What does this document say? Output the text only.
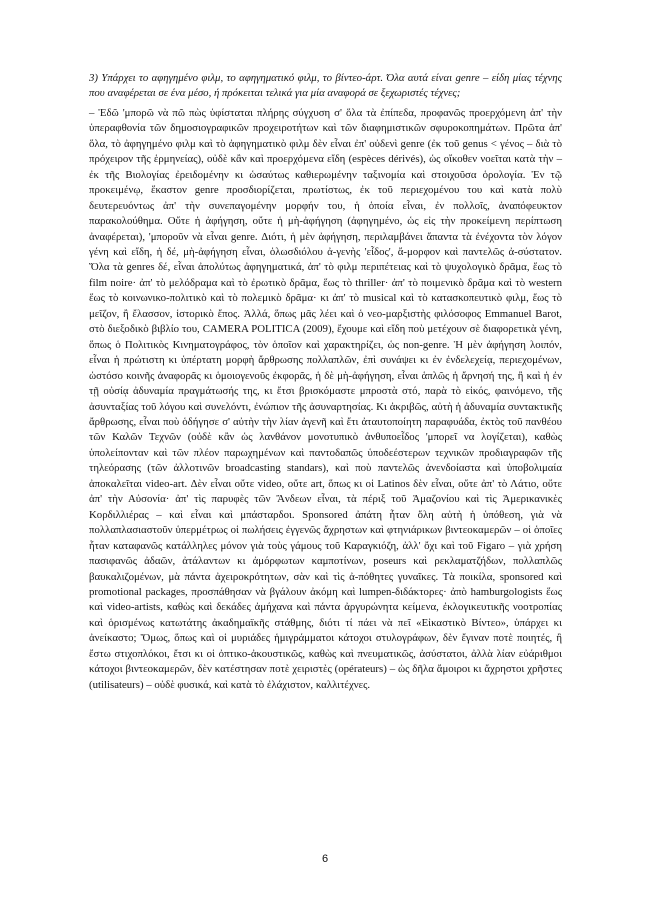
3) Υπάρχει το αφηγημένο φιλμ, το αφηγηματικό φιλμ, το βίντεο-άρτ. Όλα αυτά είναι genre – είδη μίας τέχνης που αναφέρεται σε ένα μέσο, ή πρόκειται τελικά για μία αναφορά σε ξεχωριστές τέχνες;

– Ἐδῶ 'μπορῶ νὰ πῶ πὼς ὑφίσταται πλήρης σύγχυση σ' ὅλα τὰ ἐπίπεδα, προφανῶς προερχόμενη ἀπ' τὴν ὑπεραφθονία τῶν δημοσιογραφικῶν προχειροτήτων καὶ τῶν διαφημιστικῶν σφυροκοπημάτων. Πρῶτα ἀπ' ὅλα, τὸ ἀφηγημένο φιλμ καὶ τὸ ἀφηγηματικὸ φιλμ δὲν εἶναι ἐπ' οὐδενὶ genre (ἐκ τοῦ genus < γένος – διὰ τὸ πρόχειρον τῆς ἑρμηνείας), οὐδὲ κἂν καὶ προερχόμενα εἴδη (espèces dérivés), ὡς οἴκοθεν νοεῖται κατὰ τὴν – ἐκ τῆς Βιολογίας ἐρειδομένην κι ὡσαύτως καθιερωμένην ταξινομία καὶ στοιχοῦσα ὁρολογία. Ἐν τῷ προκειμένῳ, ἕκαστον genre προσδιορίζεται, πρωτίστως, ἐκ τοῦ περιεχομένου του καὶ κατὰ πολὺ δευτερευόντως ἀπ' τὴν συνεπαγομένην μορφήν του, ἡ ὁποία εἶναι, ἐν πολλοῖς, ἀναπόφευκτον παρακολούθημα. Οὔτε ἡ ἀφήγηση, οὔτε ἡ μὴ-ἀφήγηση (ἀφηγημένο, ὡς εἰς τὴν προκείμενη περίπτωση ἀναφέρεται), 'μποροῦν νὰ εἶναι genre. Διότι, ἡ μὲν ἀφήγηση, περιλαμβάνει ἅπαντα τὰ ἐνέχοντα τὸν λόγον γένη καὶ εἴδη, ἡ δέ, μὴ-ἀφήγηση εἶναι, ὁλωσδιόλου ἀ-γενὴς 'εἶδος', ἄ-μορφον καὶ παντελῶς ἀ-σύστατον. Ὅλα τὰ genres δέ, εἶναι ἀπολύτως ἀφηγηματικά, ἀπ' τὸ φιλμ περιπέτειας καὶ τὸ ψυχολογικὸ δρᾶμα, ἕως τὸ film noire· ἀπ' τὸ μελόδραμα καὶ τὸ ἐρωτικὸ δρᾶμα, ἕως τὸ thriller· ἀπ' τὸ ποιμενικὸ δρᾶμα καὶ τὸ western ἕως τὸ κοινωνικο-πολιτικὸ καὶ τὸ πολεμικὸ δρᾶμα· κι ἀπ' τὸ musical καὶ τὸ κατασκοπευτικὸ φιλμ, ἕως τὸ μεῖζον, ἢ ἔλασσον, ἱστορικὸ ἔπος. Ἀλλά, ὅπως μᾶς λέει καὶ ὁ νεο-μαρξιστὴς φιλόσοφος Emmanuel Barot, στὸ διεξοδικὸ βιβλίο του, CAMERA POLITICA (2009), ἔχουμε καὶ εἴδη ποὺ μετέχουν σὲ διαφορετικὰ γένη, ὅπως ὁ Πολιτικὸς Κινηματογράφος, τὸν ὁποῖον καὶ χαρακτηρίζει, ὡς non-genre. Ἡ μὲν ἀφήγηση λοιπόν, εἶναι ἡ πρώτιστη κι ὑπέρτατη μορφὴ ἄρθρωσης πολλαπλῶν, ἐπὶ συνάψει κι ἐν ἐνδελεχείᾳ, περιεχομένων, ὡστόσο κοινῆς ἀναφορᾶς κι ὁμοιογενοῦς ἐκφορᾶς, ἡ δὲ μὴ-ἀφήγηση, εἶναι ἁπλῶς ἡ ἄρνησή της, ἢ καὶ ἡ ἐν τῇ οὐσίᾳ ἀδυναμία πραγμάτωσής της, κι ἔτσι βρισκόμαστε μπροστὰ στό, παρὰ τὸ εἰκός, φαινόμενο, τῆς ἀσυνταξίας τοῦ λόγου καὶ συνελόντι, ἐνώπιον τῆς ἀσυναρτησίας. Κι ἀκριβῶς, αὐτὴ ἡ ἀδυναμία συντακτικῆς ἄρθρωσης, εἶναι ποὺ ὁδήγησε σ' αὐτὴν τὴν λίαν ἀγενῆ καὶ ἔτι ἀταυτοποίητη παραφυάδα, ἐκτὸς τοῦ πανθέου τῶν Καλῶν Τεχνῶν (οὐδὲ κἂν ὡς λανθάνον μονοτυπικὸ ἀνθυποεἶδος 'μπορεῖ να λογίζεται), καθὼς ὑπολείπονταν καὶ τῶν πλέον παρωχημένων καὶ παντοδαπῶς ὑποδεέστερων τεχνικῶν προδιαγραφῶν τῆς τηλεόρασης (τῶν ἀλλοτινῶν broadcasting standars), καὶ ποὺ παντελῶς ἀνενδοίαστα καὶ ὑποβολιμαία ἀποκαλεῖται video-art. Δὲν εἶναι οὔτε video, οὔτε art, ὅπως κι οἱ Latinos δὲν εἶναι, οὔτε ἀπ' τὸ Λάτιο, οὔτε ἀπ' τὴν Αὐσονία· ἀπ' τὶς παρυφὲς τῶν Ἄνδεων εἶναι, τὰ πέριξ τοῦ Ἀμαζονίου καὶ τὶς Ἀμερικανικὲς Κορδιλλιέρας – καὶ εἶναι καὶ μπάσταρδοι. Sponsored ἀπάτη ἦταν ὅλη αὐτὴ ἡ ὑπόθεση, γιὰ νὰ πολλαπλασιαστοῦν ὑπερμέτρως οἱ πωλήσεις ἐγγενῶς ἄχρηστων καὶ φτηνιάρικων βιντεοκαμερῶν – οἱ ὁποῖες ἦταν καταφανῶς κατάλληλες μόνον γιὰ τοὺς γάμους τοῦ Καραγκιόζη, ἀλλ' ὄχι καὶ τοῦ Figaro – γιὰ χρήση πασιφανῶς ἀδαῶν, ἀτάλαντων κι ἀμόρφωτων καμποτίνων, poseurs καὶ ρεκλαματζήδων, πολλαπλῶς βαυκαλιζομένων, μὰ πάντα ἀχειροκρότητων, σὰν καὶ τὶς ἀ-πόθητες γυναῖκες. Τὰ ποικίλα, sponsored καὶ promotional packages, προσπάθησαν νὰ βγάλουν ἀκόμη καὶ lumpen-διδάκτορες· ἀπὸ hamburgologists ἕως καὶ video-artists, καθὼς καὶ δεκάδες ἀμήχανα καὶ πάντα ἀργυρώνητα κείμενα, ἐκλογικευτικῆς νοοτροπίας καὶ ὁρισμένως κατωτάτης ἀκαδημαϊκῆς στάθμης, διότι τί πάει νὰ πεῖ «Εἰκαστικὸ Βίντεο», ὑπάρχει κι ἀνείκαστο; Ὅμως, ὅπως καὶ οἱ μυριάδες ἡμιγράμματοι κάτοχοι στυλογράφων, δὲν ἔγιναν ποτὲ ποιητές, ἢ ἔστω στιχοπλόκοι, ἔτσι κι οἱ ὀπτικο-ἀκουστικῶς, καθὼς καὶ πνευματικῶς, ἀσύστατοι, ἀλλὰ λίαν εὐάριθμοι κάτοχοι βιντεοκαμερῶν, δὲν κατέστησαν ποτὲ χειριστὲς (opérateurs) – ὡς δῆλα ἄμοιροι κι ἄχρηστοι χρῆστες (utilisateurs) – οὐδὲ φυσικά, καὶ κατὰ τὸ ἐλάχιστον, καλλιτέχνες.

6
